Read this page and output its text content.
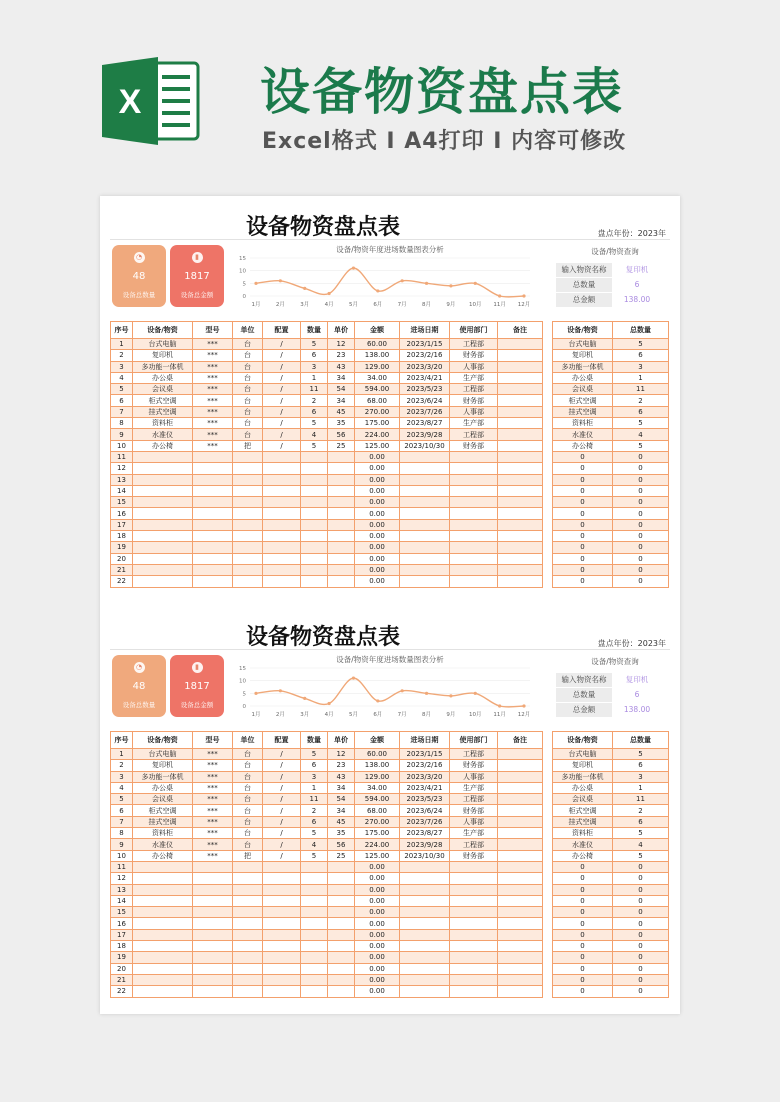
X 设备物资盘点表
Excel格式 I A4打印 I 内容可修改
设备物资盘点表	盘点年份：2023年
◔
48
设备总数量
▮
1817
设备总金额
设备/物资年度进场数量图表分析
0
5
10
15
1月	2月	3月	4月	5月	6月	7月	8月	9月 10月 11月 12月
设备/物资查询
输入物资名称	复印机
总数量	6
总金额	138.00
序号	设备/物资	型号	单位	配置	数量	单价	金额	进场日期	使用部门	备注
1	台式电脑	***	台	/	5	12	60.00	2023/1/15	工程部	
2	复印机	***	台	/	6	23	138.00	2023/2/16	财务部	
3	多功能一体机	***	台	/	3	43	129.00	2023/3/20	人事部	
4	办公桌	***	台	/	1	34	34.00	2023/4/21	生产部	
5	会议桌	***	台	/	11	54	594.00	2023/5/23	工程部	
6	柜式空调	***	台	/	2	34	68.00	2023/6/24	财务部	
7	挂式空调	***	台	/	6	45	270.00	2023/7/26	人事部	
8	资料柜	***	台	/	5	35	175.00	2023/8/27	生产部	
9	水准仪	***	台	/	4	56	224.00	2023/9/28	工程部	
10	办公椅	***	把	/	5	25	125.00	2023/10/30	财务部	
11							0.00			
12							0.00			
13							0.00			
14							0.00			
15							0.00			
16							0.00			
17							0.00			
18							0.00			
19							0.00			
20							0.00			
21							0.00			
22							0.00			
设备/物资	总数量
台式电脑	5
复印机	6
多功能一体机	3
办公桌	1
会议桌	11
柜式空调	2
挂式空调	6
资料柜	5
水准仪	4
办公椅	5
0	0
0	0
0	0
0	0
0	0
0	0
0	0
0	0
0	0
0	0
0	0
0	0
设备物资盘点表	盘点年份：2023年
◔
48
设备总数量
▮
1817
设备总金额
设备/物资年度进场数量图表分析
0
5
10
15
1月	2月	3月	4月	5月	6月	7月	8月	9月 10月 11月 12月
设备/物资查询
输入物资名称	复印机
总数量	6
总金额	138.00
序号	设备/物资	型号	单位	配置	数量	单价	金额	进场日期	使用部门	备注
1	台式电脑	***	台	/	5	12	60.00	2023/1/15	工程部	
2	复印机	***	台	/	6	23	138.00	2023/2/16	财务部	
3	多功能一体机	***	台	/	3	43	129.00	2023/3/20	人事部	
4	办公桌	***	台	/	1	34	34.00	2023/4/21	生产部	
5	会议桌	***	台	/	11	54	594.00	2023/5/23	工程部	
6	柜式空调	***	台	/	2	34	68.00	2023/6/24	财务部	
7	挂式空调	***	台	/	6	45	270.00	2023/7/26	人事部	
8	资料柜	***	台	/	5	35	175.00	2023/8/27	生产部	
9	水准仪	***	台	/	4	56	224.00	2023/9/28	工程部	
10	办公椅	***	把	/	5	25	125.00	2023/10/30	财务部	
11							0.00			
12							0.00			
13							0.00			
14							0.00			
15							0.00			
16							0.00			
17							0.00			
18							0.00			
19							0.00			
20							0.00			
21							0.00			
22							0.00			
设备/物资	总数量
台式电脑	5
复印机	6
多功能一体机	3
办公桌	1
会议桌	11
柜式空调	2
挂式空调	6
资料柜	5
水准仪	4
办公椅	5
0	0
0	0
0	0
0	0
0	0
0	0
0	0
0	0
0	0
0	0
0	0
0	0
